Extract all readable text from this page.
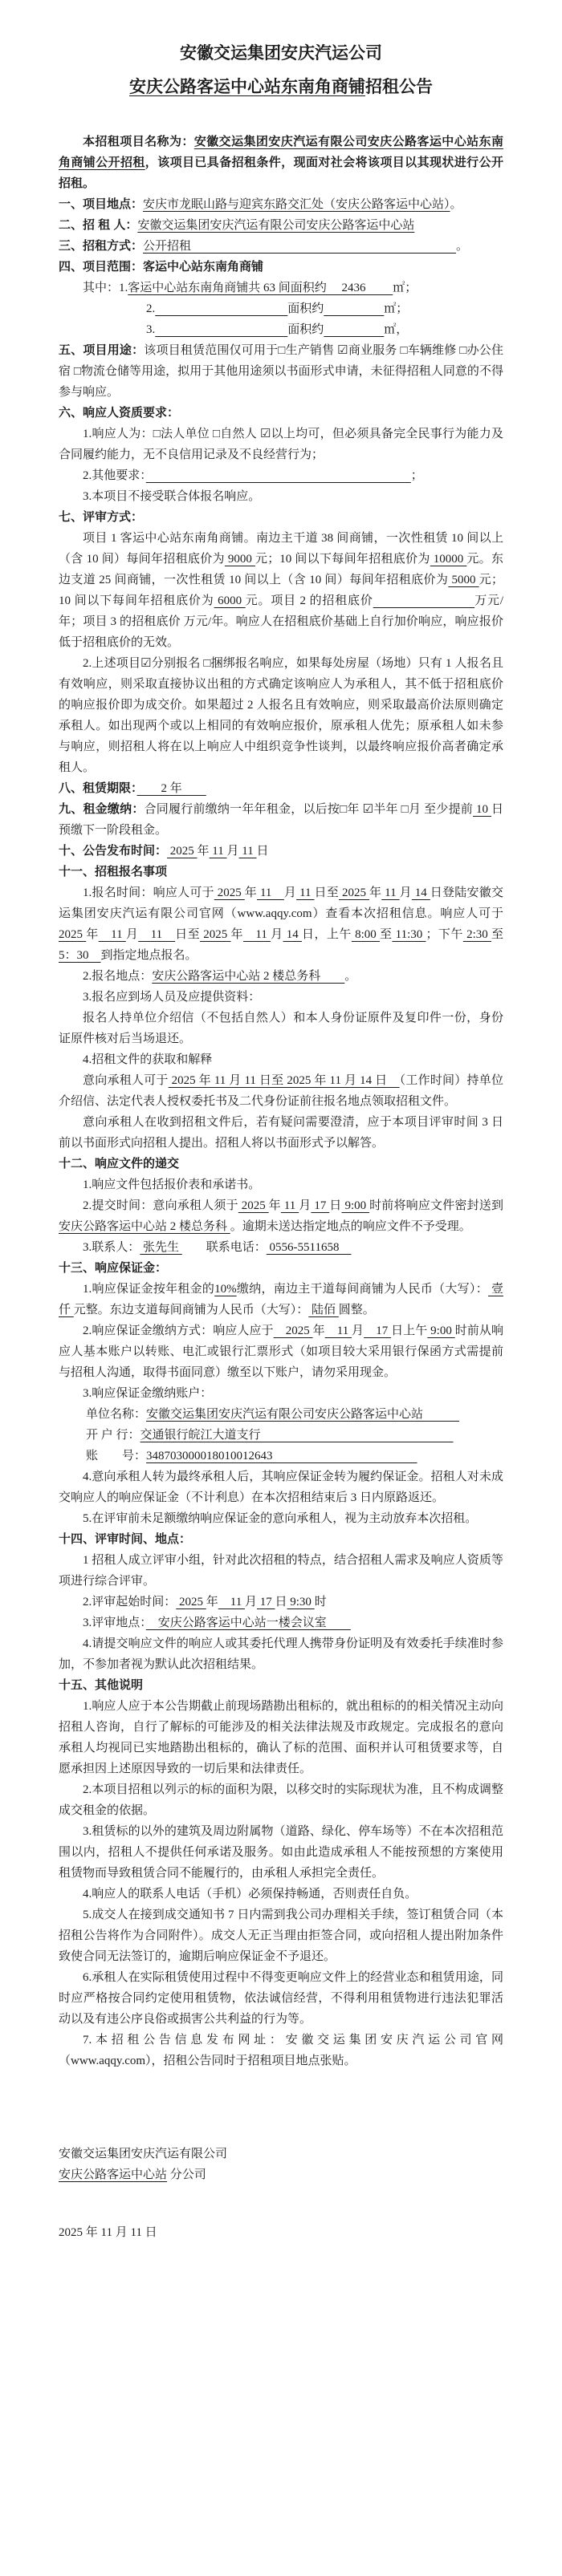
安徽交运集团安庆汽运公司
安庆公路客运中心站东南角商铺招租公告

本招租项目名称为：安徽交运集团安庆汽运有限公司安庆公路客运中心站东南角商铺公开招租，该项目已具备招租条件，现面对社会将该项目以其现状进行公开招租。

一、项目地点：安庆市龙眠山路与迎宾东路交汇处（安庆公路客运中心站）。

二、招 租 人：安徽交运集团安庆汽运有限公司安庆公路客运中心站

三、招租方式：公开招租　　　　　　　　　　　　　　　　　　　　　　。

四、项目范围：客运中心站东南角商铺

其中：1.客运中心站东南角商铺共 63 间面积约　 2436 　　㎡；

2.　　　　　　　　　　　	面积约　　　　　	㎡；

3.　　　　　　　　　　　	面积约　　　　　	㎡，

五、项目用途：该项目租赁范围仅可用于□生产销售 ☑商业服务 □车辆维修 □办公住宿 □物流仓储等用途，拟用于其他用途须以书面形式申请，未征得招租人同意的不得参与响应。

六、响应人资质要求：

1.响应人为：□法人单位 □自然人 ☑以上均可，但必须具备完全民事行为能力及合同履约能力，无不良信用记录及不良经营行为；

2.其他要求：　　　　　　　　　　　　　　　　　　　　　　	；

3.本项目不接受联合体报名响应。

七、评审方式：

项目 1 客运中心站东南角商铺。南边主干道 38 间商铺，一次性租赁 10 间以上（含 10 间）每间年招租底价为 9000 元；10 间以下每间年招租底价为 10000 元。东边支道 25 间商铺，一次性租赁 10 间以上（含 10 间）每间年招租底价为 5000 元；10 间以下每间年招租底价为 6000 元。项目 2 的招租底价　　　　　　　　	万元/年；项目 3 的招租底价 万元/年。响应人在招租底价基础上自行加价响应，响应报价低于招租底价的无效。

2.上述项目☑分别报名 □捆绑报名响应，如果每处房屋（场地）只有 1 人报名且有效响应，则采取直接协议出租的方式确定该响应人为承租人，其不低于招租底价的响应报价即为成交价。如果超过 2 人报名且有效响应，则采取最高价法原则确定承租人。如出现两个或以上相同的有效响应报价，原承租人优先；原承租人如未参与响应，则招租人将在以上响应人中组织竞争性谈判，以最终响应报价高者确定承租人。

八、租赁期限：　　2 年　　

九、租金缴纳：合同履行前缴纳一年年租金，以后按□年 ☑半年 □月 至少提前 10 日预缴下一阶段租金。

十、公告发布时间： 2025 年 11 月 11 日

十一、招租报名事项

1.报名时间：响应人可于 2025 年 11　月 11 日至 2025 年 11 月 14 日登陆安徽交运集团安庆汽运有限公司官网（www.aqqy.com）查看本次招租信息。响应人可于 2025 年　11 月　11　日至 2025 年　11 月 14 日，上午 8:00 至 11:30 ；下午 2:30 至 5：30　到指定地点报名。

2.报名地点：安庆公路客运中心站 2 楼总务科　　。

3.报名应到场人员及应提供资料：

报名人持单位介绍信（不包括自然人）和本人身份证原件及复印件一份，身份证原件核对后当场退还。

4.招租文件的获取和解释

意向承租人可于 2025 年 11 月 11 日至 2025 年 11 月 14 日　（工作时间）持单位介绍信、法定代表人授权委托书及二代身份证前往报名地点领取招租文件。

意向承租人在收到招租文件后，若有疑问需要澄清，应于本项目评审时间 3 日前以书面形式向招租人提出。招租人将以书面形式予以解答。

十二、响应文件的递交

1.响应文件包括报价表和承诺书。

2.提交时间：意向承租人须于 2025 年 11 月 17 日 9:00 时前将响应文件密封送到 安庆公路客运中心站 2 楼总务科 。逾期未送达指定地点的响应文件不予受理。

3.联系人： 张先生 　　联系电话： 0556-5511658　

十三、响应保证金：

1.响应保证金按年租金的10%缴纳，南边主干道每间商铺为人民币（大写）： 壹仟 元整。东边支道每间商铺为人民币（大写）： 陆佰 圆整。

2.响应保证金缴纳方式：响应人应于　2025 年　11 月　17 日上午 9:00 时前从响应人基本账户以转账、电汇或银行汇票形式（如项目较大采用银行保函方式需提前与招租人沟通，取得书面同意）缴至以下账户，请勿采用现金。

3.响应保证金缴纳账户：

单位名称：安徽交运集团安庆汽运有限公司安庆公路客运中心站　　　

开 户 行：交通银行皖江大道支行　　　　　　　　　　　　　　　　

账　　号：348703000018010012643　　　　　　　　　　　　

4.意向承租人转为最终承租人后，其响应保证金转为履约保证金。招租人对未成交响应人的响应保证金（不计利息）在本次招租结束后 3 日内原路返还。

5.在评审前未足额缴纳响应保证金的意向承租人，视为主动放弃本次招租。

十四、评审时间、地点：

1 招租人成立评审小组，针对此次招租的特点，结合招租人需求及响应人资质等项进行综合评审。

2.评审起始时间： 2025 年　11 月 17 日 9:30 时

3.评审地点：　安庆公路客运中心站一楼会议室　　

4.请提交响应文件的响应人或其委托代理人携带身份证明及有效委托手续准时参加，不参加者视为默认此次招租结果。

十五、其他说明

1.响应人应于本公告期截止前现场踏勘出租标的，就出租标的的相关情况主动向招租人咨询，自行了解标的可能涉及的相关法律法规及市政规定。完成报名的意向承租人均视同已实地踏勘出租标的，确认了标的范围、面积并认可租赁要求等，自愿承担因上述原因导致的一切后果和法律责任。

2.本项目招租以列示的标的面积为限，以移交时的实际现状为准，且不构成调整成交租金的依据。

3.租赁标的以外的建筑及周边附属物（道路、绿化、停车场等）不在本次招租范围以内，招租人不提供任何承诺及服务。如由此造成承租人不能按预想的方案使用租赁物而导致租赁合同不能履行的，由承租人承担完全责任。

4.响应人的联系人电话（手机）必须保持畅通，否则责任自负。

5.成交人在接到成交通知书 7 日内需到我公司办理相关手续，签订租赁合同（本招租公告将作为合同附件）。成交人无正当理由拒签合同，或向招租人提出附加条件致使合同无法签订的，逾期后响应保证金不予退还。

6.承租人在实际租赁使用过程中不得变更响应文件上的经营业态和租赁用途，同时应严格按合同约定使用租赁物，依法诚信经营，不得利用租赁物进行违法犯罪活动以及有违公序良俗或损害公共利益的行为等。

7.本招租公告信息发布网址：安徽交运集团安庆汽运公司官网（www.aqqy.com），招租公告同时于招租项目地点张贴。

安徽交运集团安庆汽运有限公司

安庆公路客运中心站 分公司

2025 年 11 月 11 日
